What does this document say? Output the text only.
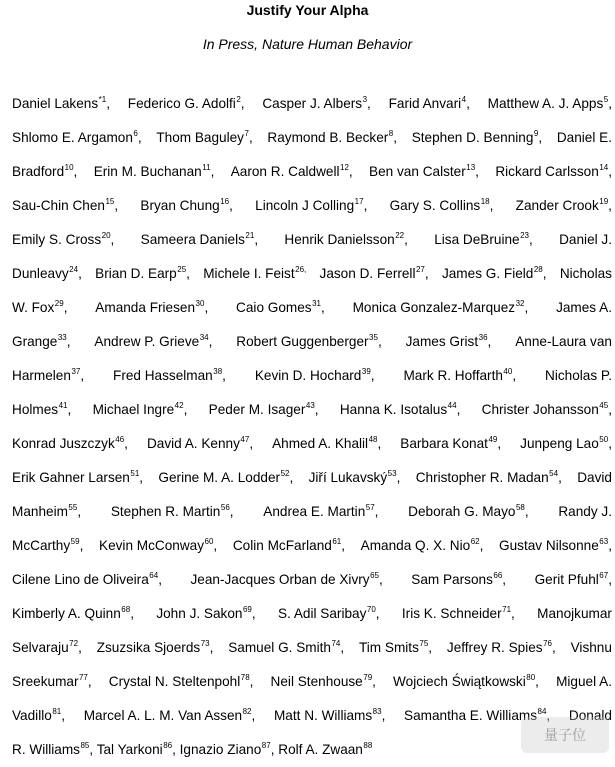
Justify Your Alpha
In Press, Nature Human Behavior
Daniel Lakens$^{*1}$, Federico G. Adolfi$^2$, Casper J. Albers$^3$, Farid Anvari$^4$, Matthew A. J. Apps$^5$,
Shlomo E. Argamon$^6$, Thom Baguley$^7$, Raymond B. Becker$^8$, Stephen D. Benning$^9$, Daniel E.
Bradford$^{10}$, Erin M. Buchanan$^{11}$, Aaron R. Caldwell$^{12}$, Ben van Calster$^{13}$, Rickard Carlsson$^{14}$,
Sau-Chin Chen$^{15}$, Bryan Chung$^{16}$, Lincoln J Colling$^{17}$, Gary S. Collins$^{18}$, Zander Crook$^{19}$,
Emily S. Cross$^{20}$, Sameera Daniels$^{21}$, Henrik Danielsson$^{22}$, Lisa DeBruine$^{23}$, Daniel J.
Dunleavy$^{24}$, Brian D. Earp$^{25}$, Michele I. Feist$^{26,}$ Jason D. Ferrell$^{27}$, James G. Field$^{28}$, Nicholas
W. Fox$^{29}$, Amanda Friesen$^{30}$, Caio Gomes$^{31}$, Monica Gonzalez-Marquez$^{32}$, James A.
Grange$^{33}$, Andrew P. Grieve$^{34}$, Robert Guggenberger$^{35}$, James Grist$^{36}$, Anne-Laura van
Harmelen$^{37}$, Fred Hasselman$^{38}$, Kevin D. Hochard$^{39}$, Mark R. Hoffarth$^{40}$, Nicholas P.
Holmes$^{41}$, Michael Ingre$^{42}$, Peder M. Isager$^{43}$, Hanna K. Isotalus$^{44}$, Christer Johansson$^{45}$,
Konrad Juszczyk$^{46}$, David A. Kenny$^{47}$, Ahmed A. Khalil$^{48}$, Barbara Konat$^{49}$, Junpeng Lao$^{50}$,
Erik Gahner Larsen$^{51}$, Gerine M. A. Lodder$^{52}$, Jiří Lukavský$^{53}$, Christopher R. Madan$^{54}$, David
Manheim$^{55}$, Stephen R. Martin$^{56}$, Andrea E. Martin$^{57}$, Deborah G. Mayo$^{58}$, Randy J.
McCarthy$^{59}$, Kevin McConway$^{60}$, Colin McFarland$^{61}$, Amanda Q. X. Nio$^{62}$, Gustav Nilsonne$^{63}$,
Cilene Lino de Oliveira$^{64}$, Jean-Jacques Orban de Xivry$^{65}$, Sam Parsons$^{66}$, Gerit Pfuhl$^{67}$,
Kimberly A. Quinn$^{68}$, John J. Sakon$^{69}$, S. Adil Saribay$^{70}$, Iris K. Schneider$^{71}$, Manojkumar
Selvaraju$^{72}$, Zsuzsika Sjoerds$^{73}$, Samuel G. Smith$^{74}$, Tim Smits$^{75}$, Jeffrey R. Spies$^{76}$, Vishnu
Sreekumar$^{77}$, Crystal N. Steltenpohl$^{78}$, Neil Stenhouse$^{79}$, Wojciech Świątkowski$^{80}$, Miguel A.
Vadillo$^{81}$, Marcel A. L. M. Van Assen$^{82}$, Matt N. Williams$^{83}$, Samantha E. Williams$^{84}$, Donald
R. Williams$^{85}$, Tal Yarkoni$^{86}$, Ignazio Ziano$^{87}$, Rolf A. Zwaan$^{88}$
量子位
